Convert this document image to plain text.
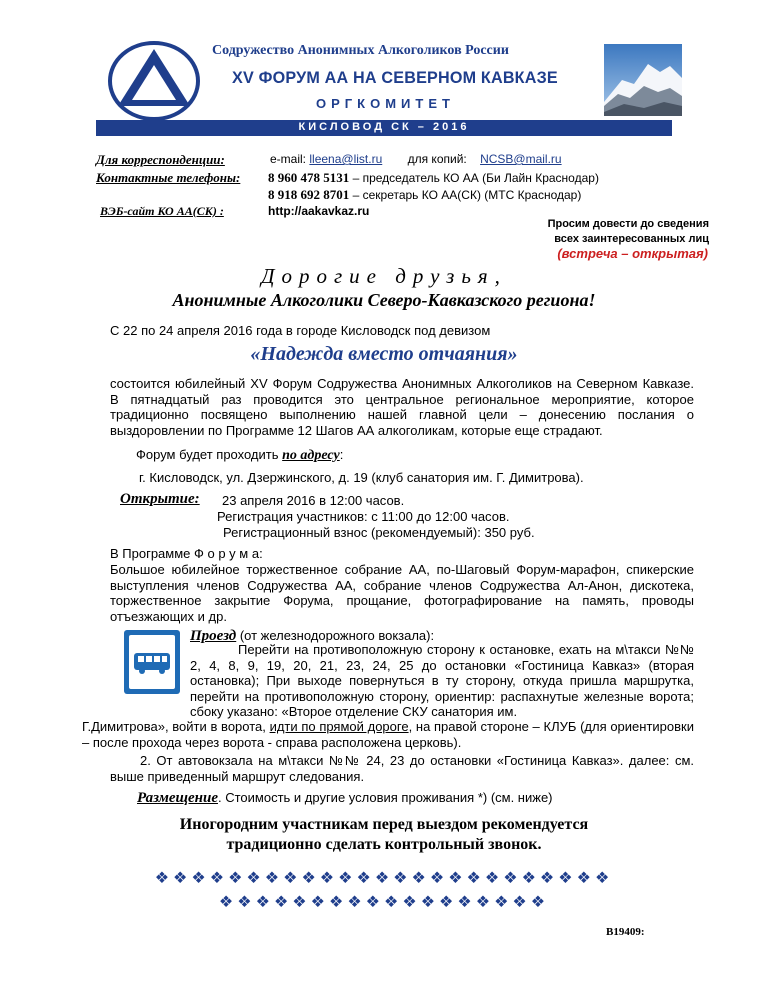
Содружество Анонимных Алкоголиков России
XV ФОРУМ АА НА СЕВЕРНОМ КАВКАЗЕ
ОРГКОМИТЕТ
КИСЛОВОД СК – 2016
Для корреспонденции:	e-mail: lleena@list.ru для копий: NCSB@mail.ru
Контактные телефоны: 8 960 478 5131 – председатель КО АА (Би Лайн Краснодар)
8 918 692 8701 – секретарь КО АА(СК) (МТС Краснодар)
ВЭБ-сайт КО АА(СК) :	http://aakavkaz.ru
Просим довести до сведения
всех заинтересованных лиц
(встреча – открытая)
Дорогие друзья,
Анонимные Алкоголики Северо-Кавказского региона!
С 22 по 24 апреля 2016 года в городе Кисловодск под девизом
«Надежда вместо отчаяния»
состоится юбилейный XV Форум Содружества Анонимных Алкоголиков на Северном Кавказе. В пятнадцатый раз проводится это центральное региональное мероприятие, которое традиционно посвящено выполнению нашей главной цели – донесению послания о выздоровлении по Программе 12 Шагов АА алкоголикам, которые еще страдают.
Форум будет проходить по адресу:
г. Кисловодск, ул. Дзержинского, д. 19 (клуб санатория им. Г. Димитрова).
Открытие: 23 апреля 2016 в 12:00 часов.
Регистрация участников: с 11:00 до 12:00 часов.
Регистрационный взнос (рекомендуемый): 350 руб.
В Программе Ф о р у м а:
Большое юбилейное торжественное собрание АА, по-Шаговый Форум-марафон, спикерские выступления членов Содружества АА, собрание членов Содружества Ал-Анон, дискотека, торжественное закрытие Форума, прощание, фотографирование на память, проводы отъезжающих и др.
Проезд (от железнодорожного вокзала):
Перейти на противоположную сторону к остановке, ехать на м\такси №№ 2, 4, 8, 9, 19, 20, 21, 23, 24, 25 до остановки «Гостиница Кавказ» (вторая остановка); При выходе повернуться в ту сторону, откуда пришла маршрутка, перейти на противоположную сторону, ориентир: распахнутые железные ворота; сбоку указано: «Второе отделение СКУ санатория им.
Г.Димитрова», войти в ворота, идти по прямой дороге, на правой стороне – КЛУБ (для ориентировки – после прохода через ворота - справа расположена церковь).
2. От автовокзала на м\такси №№ 24, 23 до остановки «Гостиница Кавказ». далее: см. выше приведенный маршрут следования.
Размещение. Стоимость и другие условия проживания *) (см. ниже)
Иногородним участникам перед выездом рекомендуется
традиционно сделать контрольный звонок.
❖❖❖❖❖❖❖❖❖❖❖❖❖❖❖❖❖❖❖❖❖❖❖❖❖
❖❖❖❖❖❖❖❖❖❖❖❖❖❖❖❖❖❖
B19409:
